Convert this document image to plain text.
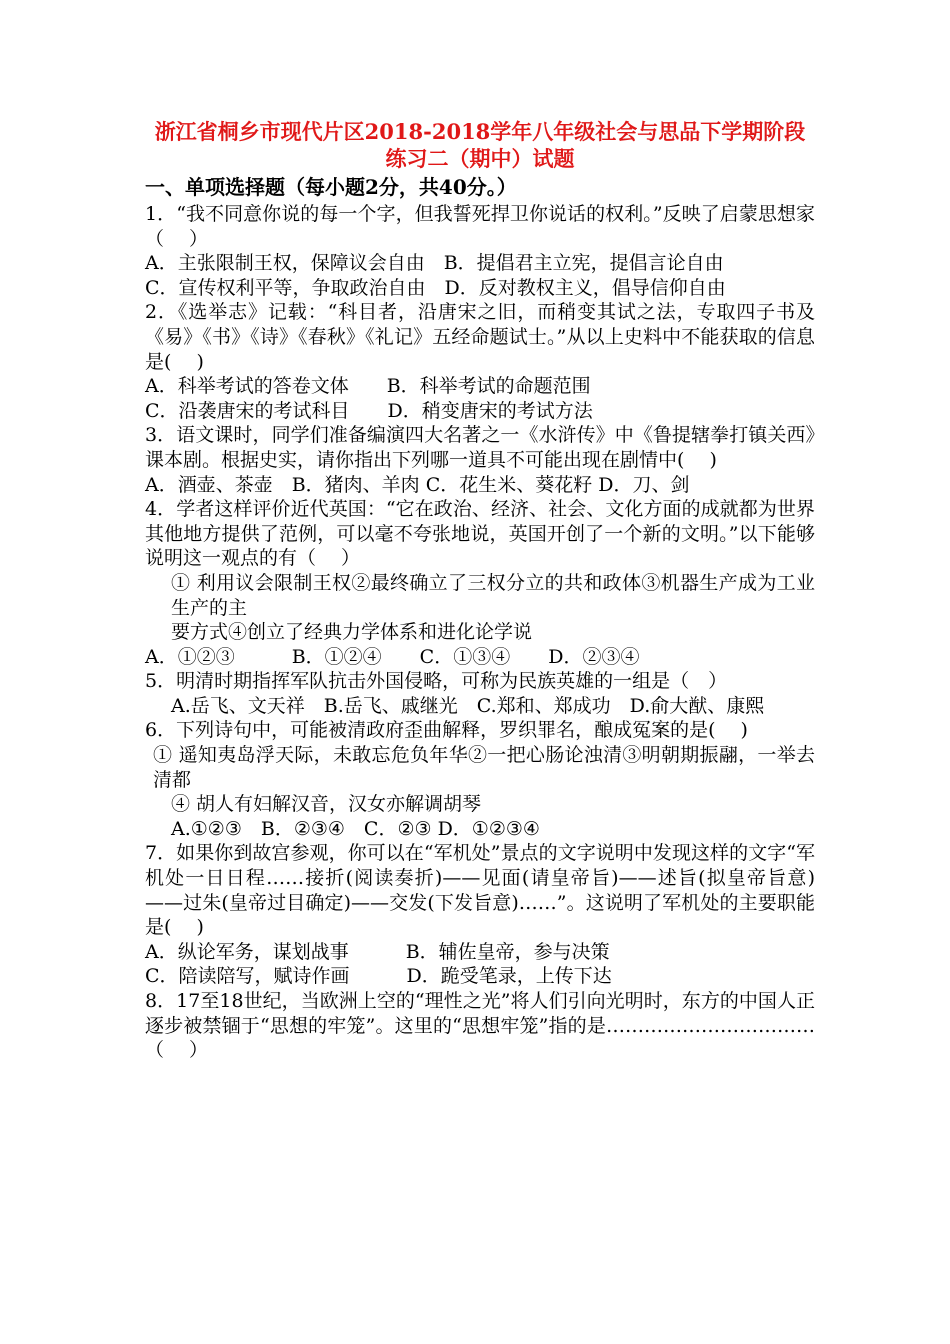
浙江省桐乡市现代片区2018-2018学年八年级社会与思品下学期阶段练习二（期中）试题
一、单项选择题（每小题2分，共40分。）
1．“我不同意你说的每一个字，但我誓死捍卫你说话的权利。”反映了启蒙思想家（　 ）
A．主张限制王权，保障议会自由　B．提倡君主立宪，提倡言论自由
C．宣传权利平等，争取政治自由　D．反对教权主义，倡导信仰自由
2．《选举志》记载：“科目者，沿唐宋之旧，而稍变其试之法，专取四子书及《易》《书》《诗》《春秋》《礼记》五经命题试士。”从以上史料中不能获取的信息是(　 )
A．科举考试的答卷文体　　B．科举考试的命题范围
C．沿袭唐宋的考试科目　　D．稍变唐宋的考试方法
3．语文课时，同学们准备编演四大名著之一《水浒传》中《鲁提辖拳打镇关西》课本剧。根据史实，请你指出下列哪一道具不可能出现在剧情中(　 )
A．酒壶、茶壶　B．猪肉、羊肉 C．花生米、葵花籽 D．刀、剑
4．学者这样评价近代英国：“它在政治、经济、社会、文化方面的成就都为世界其他地方提供了范例，可以毫不夸张地说，英国开创了一个新的文明。”以下能够说明这一观点的有（　 ）
① 利用议会限制王权②最终确立了三权分立的共和政体③机器生产成为工业生产的主
要方式④创立了经典力学体系和进化论学说
A．①②③　　　B．①②④　　C．①③④　　D．②③④
5．明清时期指挥军队抗击外国侵略，可称为民族英雄的一组是（　）
A.岳飞、文天祥　B.岳飞、戚继光　C.郑和、郑成功　D.俞大猷、康熙
6．下列诗句中，可能被清政府歪曲解释，罗织罪名，酿成冤案的是(　 )
① 遥知夷岛浮天际，未敢忘危负年华②一把心肠论浊清③明朝期振翮，一举去清都
④ 胡人有妇解汉音，汉女亦解调胡琴
A.①②③　B．②③④　C．②③ D．①②③④
7．如果你到故宫参观，你可以在“军机处”景点的文字说明中发现这样的文字“军机处一日日程……接折(阅读奏折)——见面(请皇帝旨)——述旨(拟皇帝旨意)——过朱(皇帝过目确定)——交发(下发旨意)……”。这说明了军机处的主要职能是(　 )
A．纵论军务，谋划战事　　　B．辅佐皇帝，参与决策
C．陪读陪写，赋诗作画　　　D．跪受笔录，上传下达
8．17至18世纪，当欧洲上空的“理性之光”将人们引向光明时，东方的中国人正逐步被禁锢于“思想的牢笼”。这里的“思想牢笼”指的是……………………………（　 ）
